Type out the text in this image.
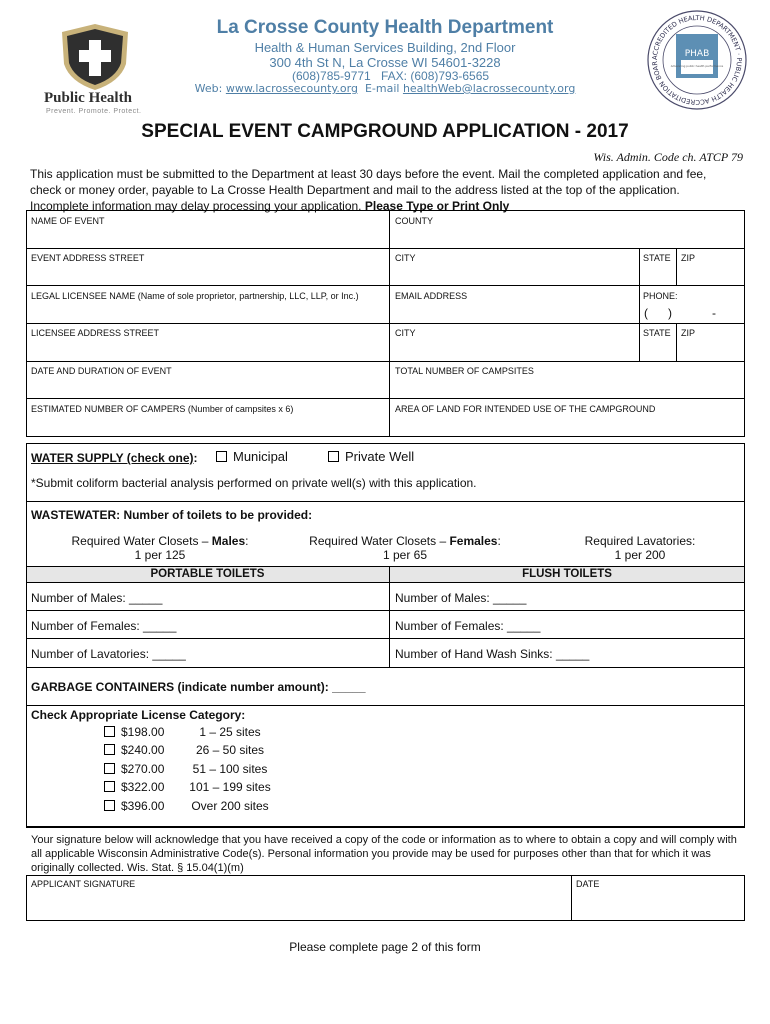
Public Health
Prevent. Promote. Protect.
La Crosse County Health Department
Health & Human Services Building, 2nd Floor
300 4th St N, La Crosse WI 54601-3228
(608)785-9771 FAX: (608)793-6565
Web: www.lacrossecounty.org E-mail healthWeb@lacrossecounty.org
ACCREDITED HEALTH DEPARTMENT · PUBLIC HEALTH ACCREDITATION BOAR
PHAB
Advancing public health performance
SPECIAL EVENT CAMPGROUND APPLICATION - 2017
Wis. Admin. Code ch. ATCP 79
This application must be submitted to the Department at least 30 days before the event. Mail the completed application and fee, check or money order, payable to La Crosse Health Department and mail to the address listed at the top of the application. Incomplete information may delay processing your application. Please Type or Print Only
NAME OF EVENT	COUNTY
EVENT ADDRESS STREET	CITY	STATE ZIP
LEGAL LICENSEE NAME (Name of sole proprietor, partnership, LLC, LLP, or Inc.)	EMAIL ADDRESS	PHONE:
(      )	-
LICENSEE ADDRESS STREET	CITY	STATE ZIP
DATE AND DURATION OF EVENT	TOTAL NUMBER OF CAMPSITES
ESTIMATED NUMBER OF CAMPERS (Number of campsites x 6)	AREA OF LAND FOR INTENDED USE OF THE CAMPGROUND
WATER SUPPLY (check one):	Municipal	Private Well
*Submit coliform bacterial analysis performed on private well(s) with this application.
WASTEWATER: Number of toilets to be provided:
Required Water Closets – Males:
1 per 125
Required Water Closets – Females:
1 per 65
Required Lavatories:
1 per 200
PORTABLE TOILETS	FLUSH TOILETS
Number of Males: _____	Number of Males: _____
Number of Females: _____	Number of Females: _____
Number of Lavatories: _____	Number of Hand Wash Sinks: _____
GARBAGE CONTAINERS (indicate number amount): _____
Check Appropriate License Category:
$198.00	1 – 25 sites
$240.00	26 – 50 sites
$270.00 51 – 100 sites
$322.00 101 – 199 sites
$396.00 Over 200 sites
Your signature below will acknowledge that you have received a copy of the code or information as to where to obtain a copy and will comply with all applicable Wisconsin Administrative Code(s). Personal information you provide may be used for purposes other than that for which it was originally collected. Wis. Stat. § 15.04(1)(m)
APPLICANT SIGNATURE	DATE
Please complete page 2 of this form
